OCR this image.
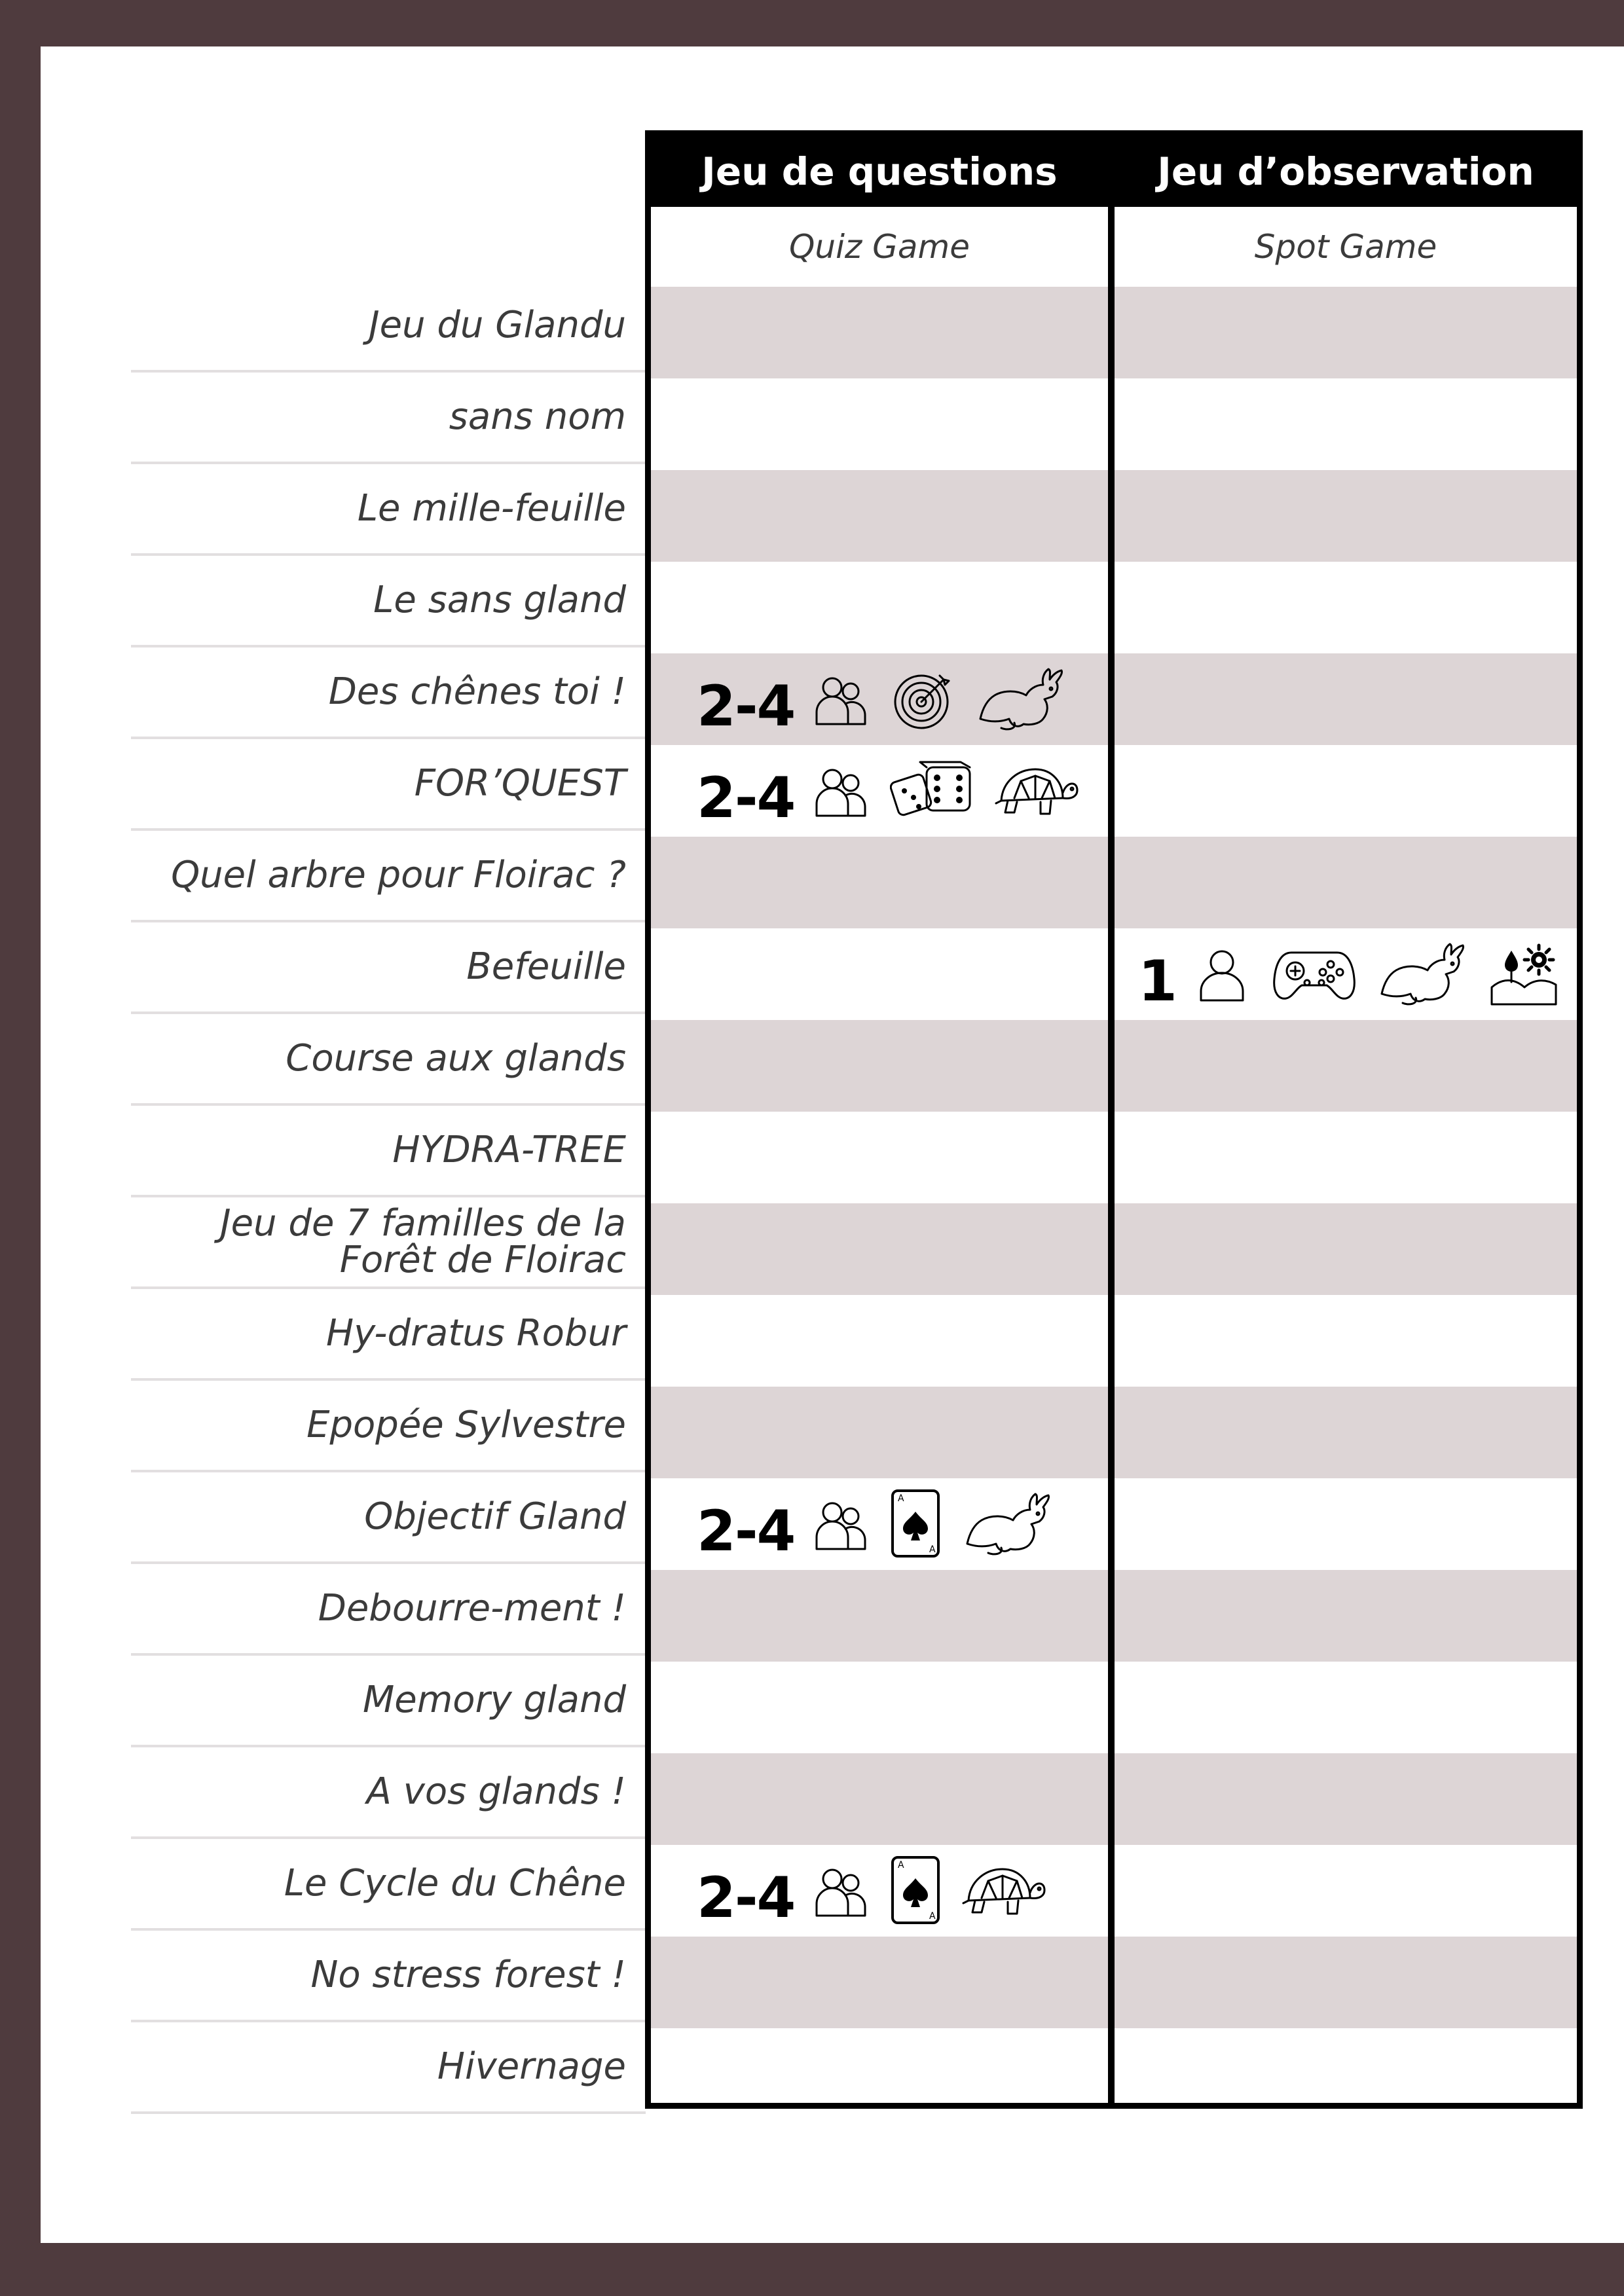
Jeu du Glandu
sans nom
Le mille-feuille
Le sans gland
Des chênes toi !
FOR’QUEST
Quel arbre pour Floirac ?
Befeuille
Course aux glands
HYDRA-TREE
Jeu de 7 familles de la Forêt de Floirac
Hy-dratus Robur
Epopée Sylvestre
Objectif Gland
Debourre-ment !
Memory gland
A vos glands !
Le Cycle du Chêne
No stress forest !
Hivernage
Jeu de questions
Quiz Game
2-4
2-4
2-4	A
A
2-4	A
A
Jeu d’observation
Spot Game
1
